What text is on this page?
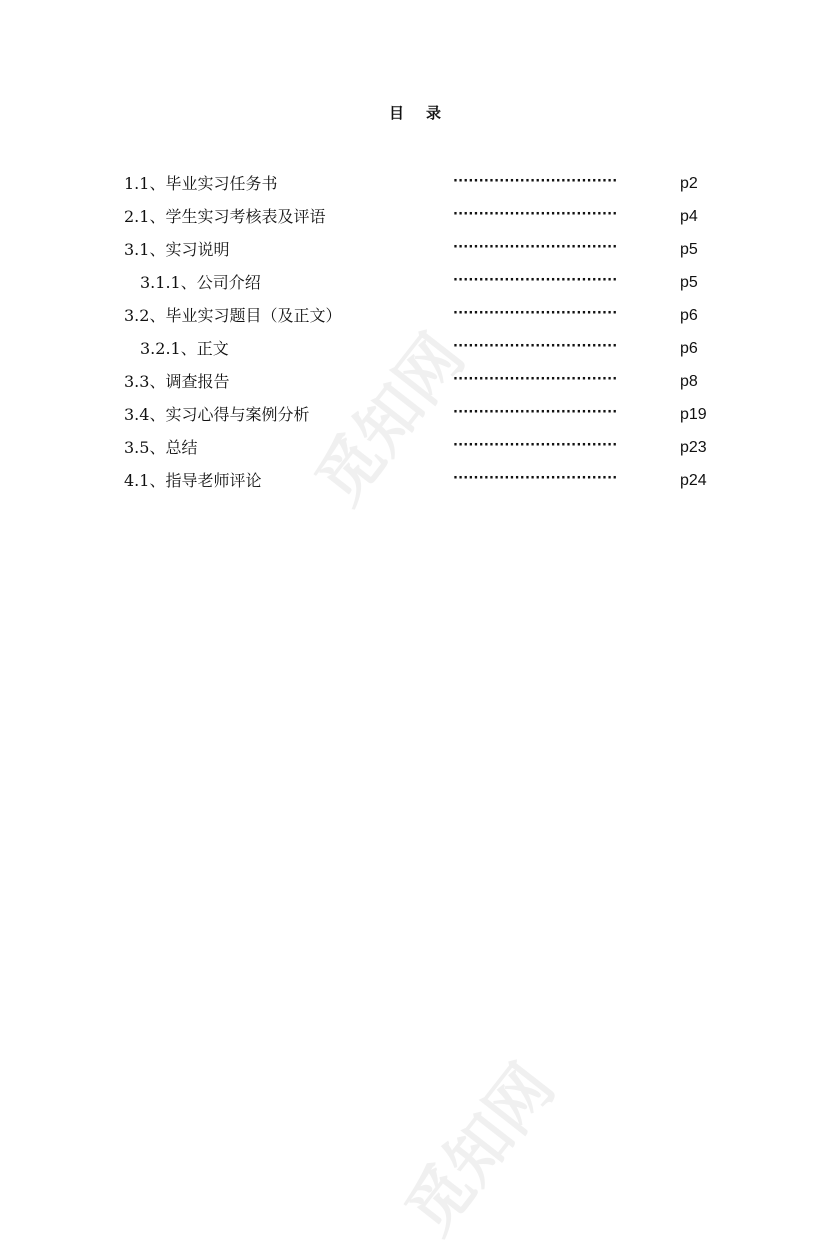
目 录
1.1、毕业实习任务书	································	p2
2.1、学生实习考核表及评语	································	p4
3.1、实习说明	································	p5
3.1.1、公司介绍	································	p5
3.2、毕业实习题目（及正文）	································	p6
3.2.1、正文	································	p6
3.3、调查报告	································	p8
3.4、实习心得与案例分析	································	p19
3.5、总结	································	p23
4.1、指导老师评论	································	p24
觅知网
觅知网
